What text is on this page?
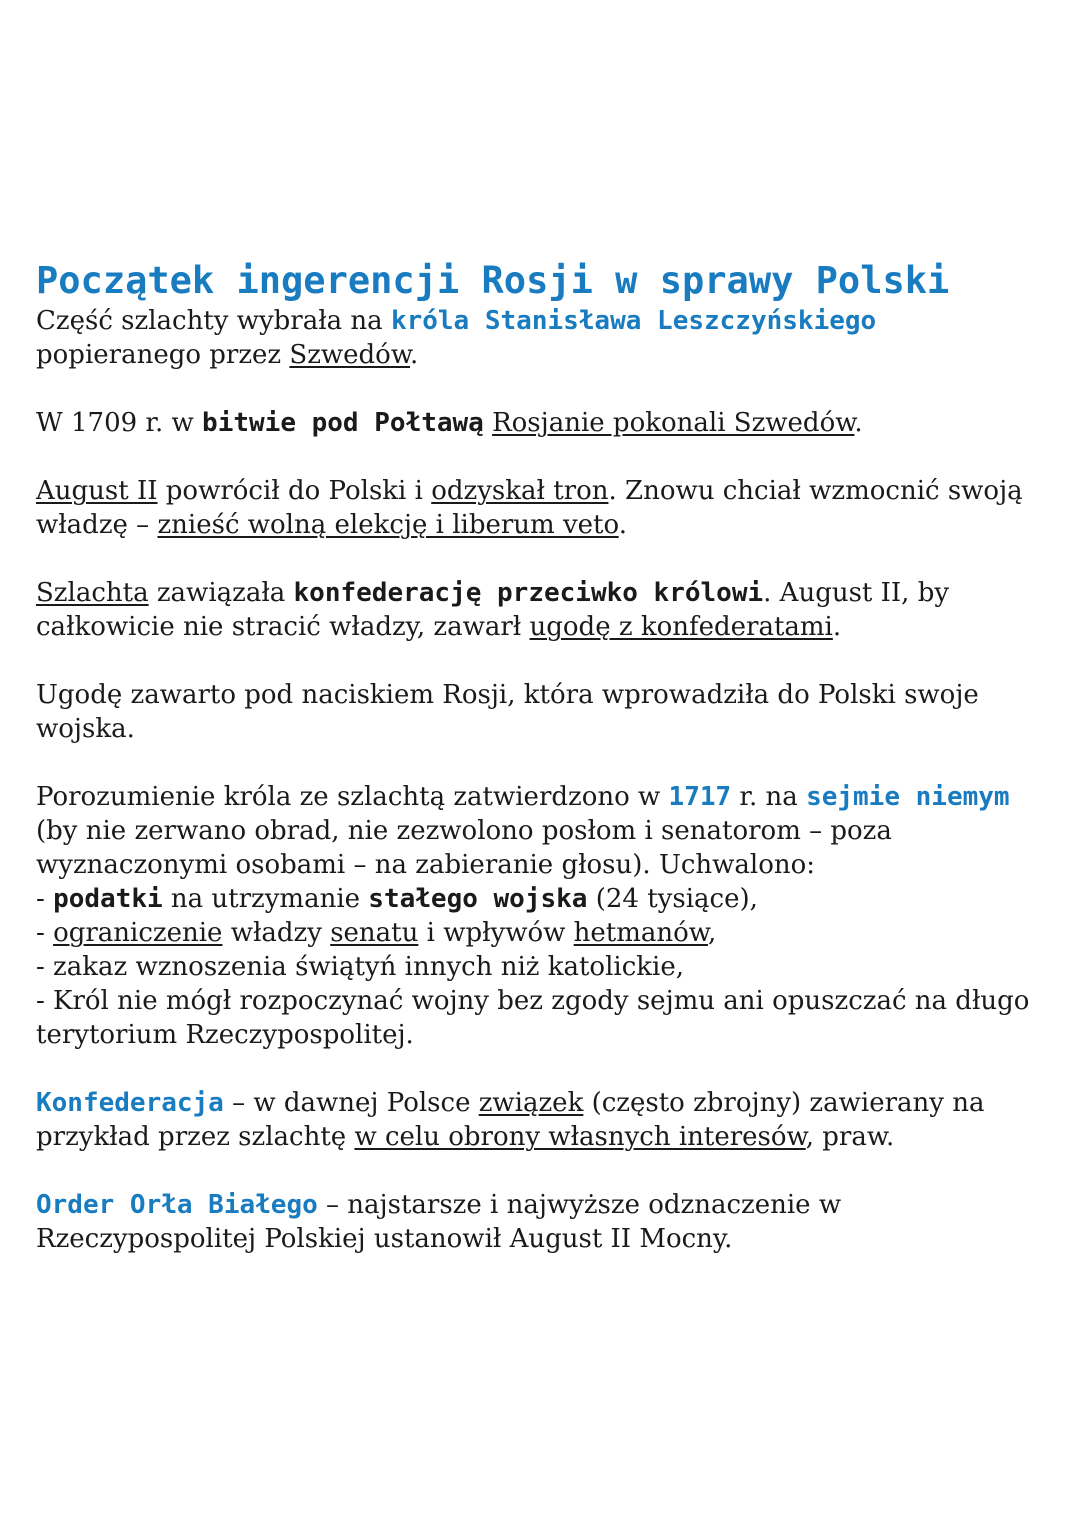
Początek ingerencji Rosji w sprawy Polski

Część szlachty wybrała na króla Stanisława Leszczyńskiego
popieranego przez Szwedów.

W 1709 r. w bitwie pod Połtawą Rosjanie pokonali Szwedów.

August II powrócił do Polski i odzyskał tron. Znowu chciał wzmocnić swoją władzę – znieść wolną elekcję i liberum veto.

Szlachta zawiązała konfederację przeciwko królowi. August II, by całkowicie nie stracić władzy, zawarł ugodę z konfederatami.

Ugodę zawarto pod naciskiem Rosji, która wprowadziła do Polski swoje wojska.

Porozumienie króla ze szlachtą zatwierdzono w 1717 r. na sejmie niemym (by nie zerwano obrad, nie zezwolono posłom i senatorom – poza wyznaczonymi osobami – na zabieranie głosu). Uchwalono:
- podatki na utrzymanie stałego wojska (24 tysiące),
- ograniczenie władzy senatu i wpływów hetmanów,
- zakaz wznoszenia świątyń innych niż katolickie,
- Król nie mógł rozpoczynać wojny bez zgody sejmu ani opuszczać na długo terytorium Rzeczypospolitej.

Konfederacja – w dawnej Polsce związek (często zbrojny) zawierany na przykład przez szlachtę w celu obrony własnych interesów, praw.

Order Orła Białego – najstarsze i najwyższe odznaczenie w Rzeczypospolitej Polskiej ustanowił August II Mocny.
